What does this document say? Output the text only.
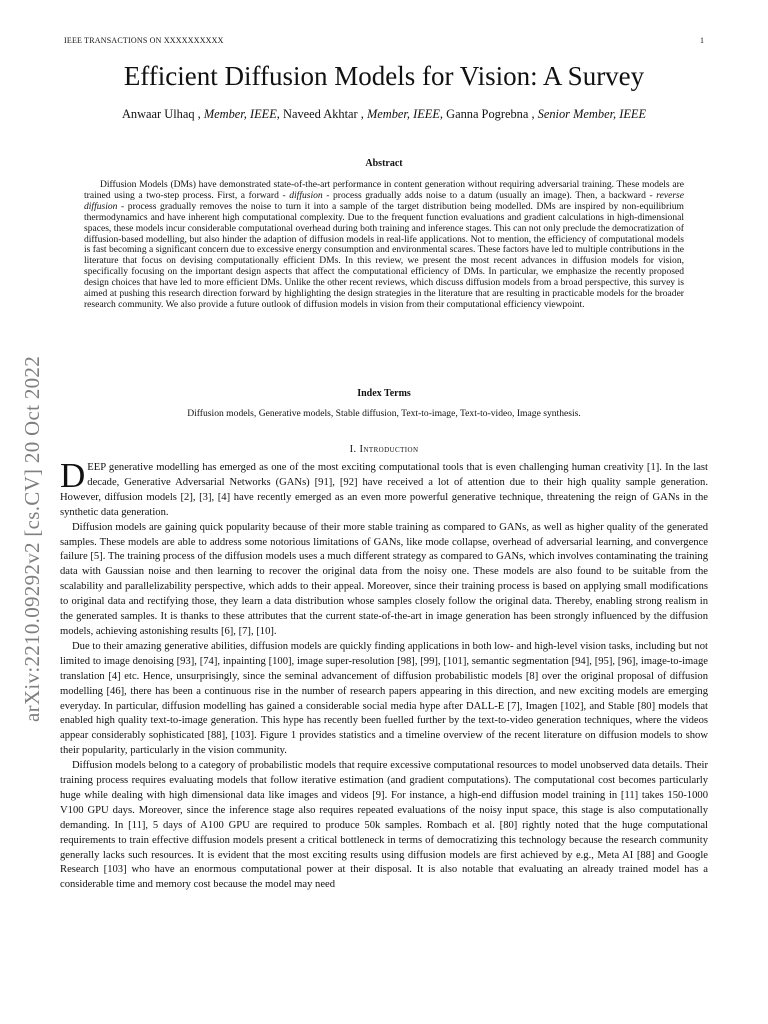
IEEE TRANSACTIONS ON XXXXXXXXXX	1
arXiv:2210.09292v2 [cs.CV] 20 Oct 2022
Efficient Diffusion Models for Vision: A Survey
Anwaar Ulhaq , Member, IEEE, Naveed Akhtar , Member, IEEE, Ganna Pogrebna , Senior Member, IEEE
Abstract

Diffusion Models (DMs) have demonstrated state-of-the-art performance in content generation without requiring adversarial training. These models are trained using a two-step process. First, a forward - diffusion - process gradually adds noise to a datum (usually an image). Then, a backward - reverse diffusion - process gradually removes the noise to turn it into a sample of the target distribution being modelled. DMs are inspired by non-equilibrium thermodynamics and have inherent high computational complexity. Due to the frequent function evaluations and gradient calculations in high-dimensional spaces, these models incur considerable computational overhead during both training and inference stages. This can not only preclude the democratization of diffusion-based modelling, but also hinder the adaption of diffusion models in real-life applications. Not to mention, the efficiency of computational models is fast becoming a significant concern due to excessive energy consumption and environmental scares. These factors have led to multiple contributions in the literature that focus on devising computationally efficient DMs. In this review, we present the most recent advances in diffusion models for vision, specifically focusing on the important design aspects that affect the computational efficiency of DMs. In particular, we emphasize the recently proposed design choices that have led to more efficient DMs. Unlike the other recent reviews, which discuss diffusion models from a broad perspective, this survey is aimed at pushing this research direction forward by highlighting the design strategies in the literature that are resulting in practicable models for the broader research community. We also provide a future outlook of diffusion models in vision from their computational efficiency viewpoint.

Index Terms
Diffusion models, Generative models, Stable diffusion, Text-to-image, Text-to-video, Image synthesis.
I. Introduction

DEEP generative modelling has emerged as one of the most exciting computational tools that is even challenging human creativity [1]. In the last decade, Generative Adversarial Networks (GANs) [91], [92] have received a lot of attention due to their high quality sample generation. However, diffusion models [2], [3], [4] have recently emerged as an even more powerful generative technique, threatening the reign of GANs in the synthetic data generation.

Diffusion models are gaining quick popularity because of their more stable training as compared to GANs, as well as higher quality of the generated samples. These models are able to address some notorious limitations of GANs, like mode collapse, overhead of adversarial learning, and convergence failure [5]. The training process of the diffusion models uses a much different strategy as compared to GANs, which involves contaminating the training data with Gaussian noise and then learning to recover the original data from the noisy one. These models are also found to be suitable from the scalability and parallelizability perspective, which adds to their appeal. Moreover, since their training process is based on applying small modifications to original data and rectifying those, they learn a data distribution whose samples closely follow the original data. Thereby, enabling strong realism in the generated samples. It is thanks to these attributes that the current state-of-the-art in image generation has been strongly influenced by the diffusion models, achieving astonishing results [6], [7], [10].

Due to their amazing generative abilities, diffusion models are quickly finding applications in both low- and high-level vision tasks, including but not limited to image denoising [93], [74], inpainting [100], image super-resolution [98], [99], [101], semantic segmentation [94], [95], [96], image-to-image translation [4] etc. Hence, unsurprisingly, since the seminal advancement of diffusion probabilistic models [8] over the original proposal of diffusion modelling [46], there has been a continuous rise in the number of research papers appearing in this direction, and new exciting models are emerging everyday. In particular, diffusion modelling has gained a considerable social media hype after DALL-E [7], Imagen [102], and Stable [80] models that enabled high quality text-to-image generation. This hype has recently been fuelled further by the text-to-video generation techniques, where the videos appear considerably sophisticated [88], [103]. Figure 1 provides statistics and a timeline overview of the recent literature on diffusion models to show their popularity, particularly in the vision community.

Diffusion models belong to a category of probabilistic models that require excessive computational resources to model unobserved data details. Their training process requires evaluating models that follow iterative estimation (and gradient computations). The computational cost becomes particularly huge while dealing with high dimensional data like images and videos [9]. For instance, a high-end diffusion model training in [11] takes 150-1000 V100 GPU days. Moreover, since the inference stage also requires repeated evaluations of the noisy input space, this stage is also computationally demanding. In [11], 5 days of A100 GPU are required to produce 50k samples. Rombach et al. [80] rightly noted that the huge computational requirements to train effective diffusion models present a critical bottleneck in terms of democratizing this technology because the research community generally lacks such resources. It is evident that the most exciting results using diffusion models are first achieved by e.g., Meta AI [88] and Google Research [103] who have an enormous computational power at their disposal. It is also notable that evaluating an already trained model has a considerable time and memory cost because the model may need
